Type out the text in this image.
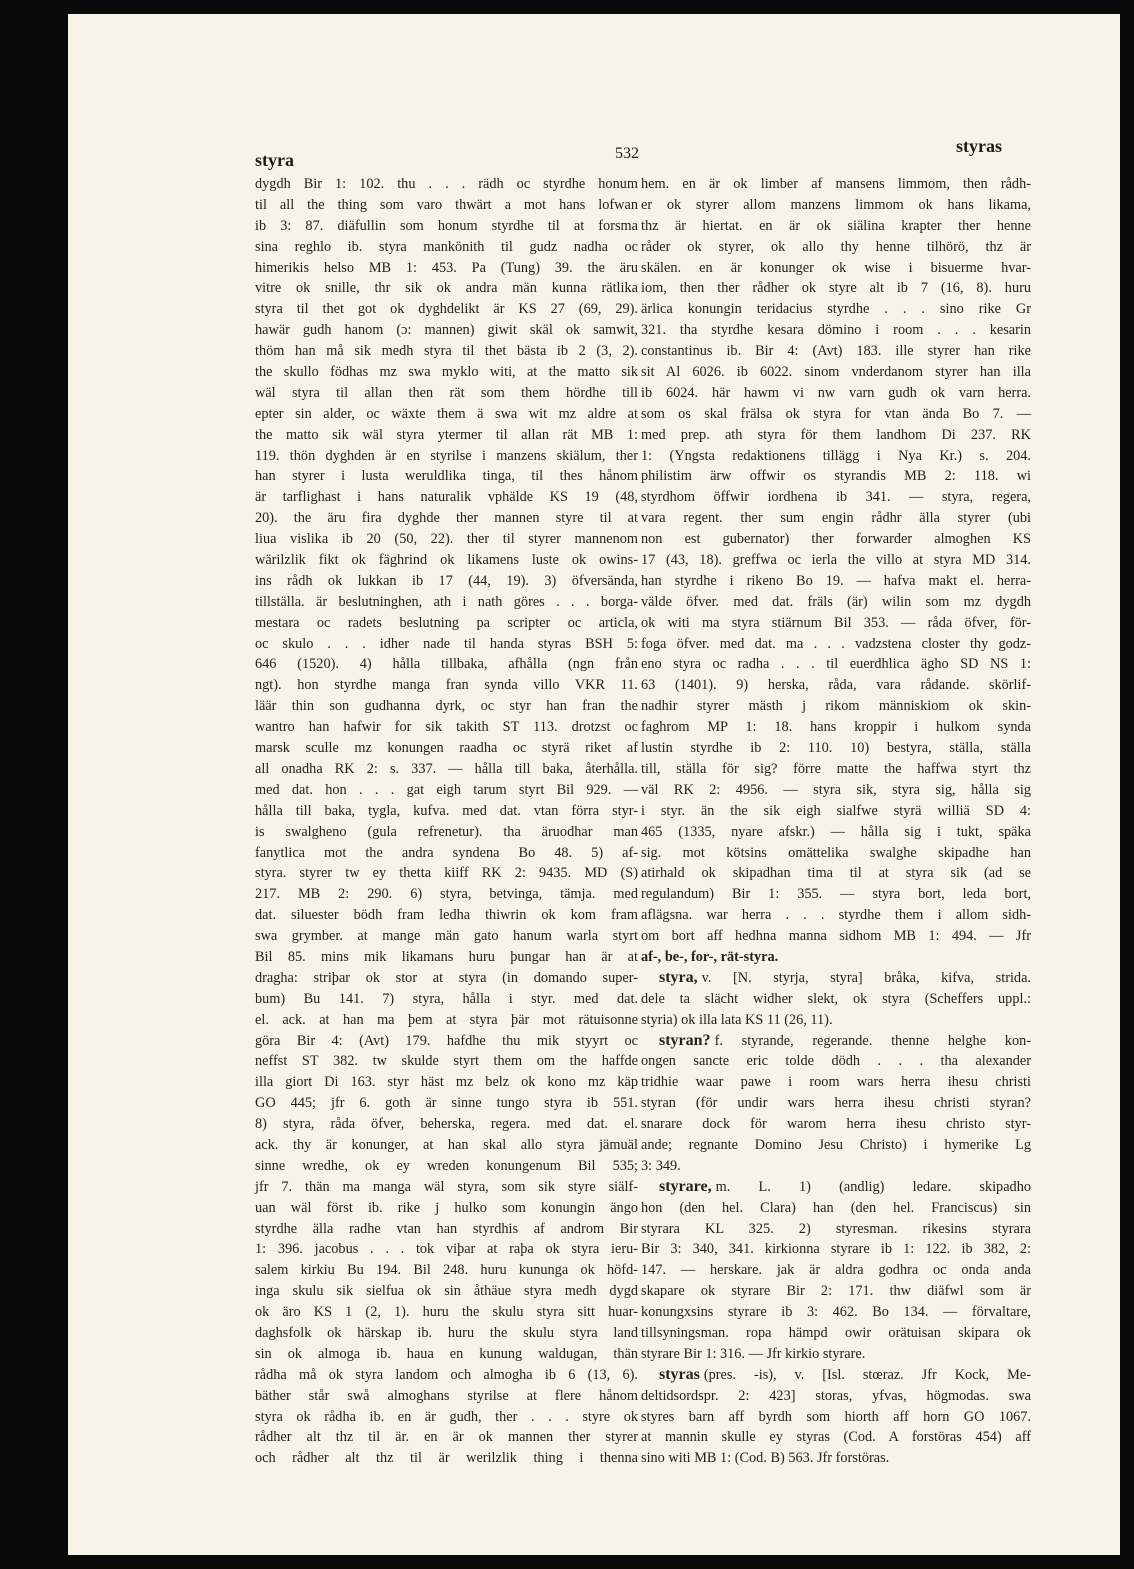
styra	532	styras
dygdh Bir 1: 102. thu . . . rädh oc styrdhe honum
til all the thing som varo thwärt a mot hans lofwan
ib 3: 87. diäfullin som honum styrdhe til at forsma
sina reghlo ib. styra mankönith til gudz nadha oc
himerikis helso MB 1: 453. Pa (Tung) 39. the äru
vitre ok snille, thr sik ok andra män kunna rätlika
styra til thet got ok dyghdelikt är KS 27 (69, 29).
hawär gudh hanom (ɔ: mannen) giwit skäl ok samwit,
thöm han må sik medh styra til thet bästa ib 2 (3, 2).
the skullo födhas mz swa myklo witi, at the matto sik
wäl styra til allan then rät som them hördhe till
epter sin alder, oc wäxte them ä swa wit mz aldre at
the matto sik wäl styra ytermer til allan rät MB 1:
119. thön dyghden är en styrilse i manzens skiälum, ther
han styrer i lusta weruldlika tinga, til thes hånom
är tarflighast i hans naturalik vphälde KS 19 (48,
20). the äru fira dyghde ther mannen styre til at
liua vislika ib 20 (50, 22). ther til styrer mannenom
wärilzlik fikt ok fäghrind ok likamens luste ok owins-
ins rådh ok lukkan ib 17 (44, 19). 3) öfversända,
tillställa. är beslutninghen, ath i nath göres . . . borga-
mestara oc radets beslutning pa scripter oc articla,
oc skulo . . . idher nade til handa styras BSH 5:
646 (1520). 4) hålla tillbaka, afhålla (ngn från
ngt). hon styrdhe manga fran synda villo VKR 11.
läär thin son gudhanna dyrk, oc styr han fran the
wantro han hafwir for sik takith ST 113. drotzst oc
marsk sculle mz konungen raadha oc styrä riket af
all onadha RK 2: s. 337. — hålla till baka, återhålla.
med dat. hon . . . gat eigh tarum styrt Bil 929. —
hålla till baka, tygla, kufva. med dat. vtan förra styr-
is swalgheno (gula refrenetur). tha äruodhar man
fanytlica mot the andra syndena Bo 48. 5) af-
styra. styrer tw ey thetta kiiff RK 2: 9435. MD (S)
217. MB 2: 290. 6) styra, betvinga, tämja. med
dat. siluester bödh fram ledha thiwrin ok kom fram
swa grymber. at mange män gato hanum warla styrt
Bil 85. mins mik likamans huru þungar han är at
dragha: striþar ok stor at styra (in domando super-
bum) Bu 141. 7) styra, hålla i styr. med dat.
el. ack. at han ma þem at styra þär mot rätuisonne
göra Bir 4: (Avt) 179. hafdhe thu mik styyrt oc
neffst ST 382. tw skulde styrt them om the haffde
illa giort Di 163. styr häst mz belz ok kono mz käp
GO 445; jfr 6. goth är sinne tungo styra ib 551.
8) styra, råda öfver, beherska, regera. med dat. el.
ack. thy är konunger, at han skal allo styra jämuäl
sinne wredhe, ok ey wreden konungenum Bil 535;
jfr 7. thän ma manga wäl styra, som sik styre siälf-
uan wäl först ib. rike j hulko som konungin ängo
styrdhe älla radhe vtan han styrdhis af androm Bir
1: 396. jacobus . . . tok viþar at raþa ok styra ieru-
salem kirkiu Bu 194. Bil 248. huru kununga ok höfd-
inga skulu sik sielfua ok sin åthäue styra medh dygd
ok äro KS 1 (2, 1). huru the skulu styra sitt huar-
daghsfolk ok härskap ib. huru the skulu styra land
sin ok almoga ib. haua en kunung waldugan, thän
rådha må ok styra landom och almogha ib 6 (13, 6).
bäther står swå almoghans styrilse at flere hånom
styra ok rådha ib. en är gudh, ther . . . styre ok
rådher alt thz til är. en är ok mannen ther styrer
och rådher alt thz til är werilzlik thing i thenna
hem. en är ok limber af mansens limmom, then rådh-
er ok styrer allom manzens limmom ok hans likama,
thz är hiertat. en är ok siälina krapter ther henne
råder ok styrer, ok allo thy henne tilhörö, thz är
skälen. en är konunger ok wise i bisuerme hvar-
iom, then ther rådher ok styre alt ib 7 (16, 8). huru
ärlica konungin teridacius styrdhe . . . sino rike Gr
321. tha styrdhe kesara dömino i room . . . kesarin
constantinus ib. Bir 4: (Avt) 183. ille styrer han rike
sit Al 6026. ib 6022. sinom vnderdanom styrer han illa
ib 6024. här hawm vi nw varn gudh ok varn herra.
som os skal frälsa ok styra for vtan ända Bo 7. —
med prep. ath styra för them landhom Di 237. RK
1: (Yngsta redaktionens tillägg i Nya Kr.) s. 204.
philistim ärw offwir os styrandis MB 2: 118. wi
styrdhom öffwir iordhena ib 341. — styra, regera,
vara regent. ther sum engin rådhr älla styrer (ubi
non est gubernator) ther forwarder almoghen KS
17 (43, 18). greffwa oc ierla the villo at styra MD 314.
han styrdhe i rikeno Bo 19. — hafva makt el. herra-
välde öfver. med dat. fräls (är) wilin som mz dygdh
ok witi ma styra stiärnum Bil 353. — råda öfver, för-
foga öfver. med dat. ma . . . vadzstena closter thy godz-
eno styra oc radha . . . til euerdhlica ägho SD NS 1:
63 (1401). 9) herska, råda, vara rådande. skörlif-
nadhir styrer mästh j rikom människiom ok skin-
faghrom MP 1: 18. hans kroppir i hulkom synda
lustin styrdhe ib 2: 110. 10) bestyra, ställa, ställa
till, ställa för sig? förre matte the haffwa styrt thz
väl RK 2: 4956. — styra sik, styra sig, hålla sig
i styr. än the sik eigh sialfwe styrä williä SD 4:
465 (1335, nyare afskr.) — hålla sig i tukt, späka
sig. mot kötsins omättelika swalghe skipadhe han
atirhald ok skipadhan tima til at styra sik (ad se
regulandum) Bir 1: 355. — styra bort, leda bort,
aflägsna. war herra . . . styrdhe them i allom sidh-
om bort aff hedhna manna sidhom MB 1: 494. — Jfr
af-, be-, for-, rät-styra.
styra, v. [N. styrja, styra] bråka, kifva, strida.
dele ta slächt widher slekt, ok styra (Scheffers uppl.:
styria) ok illa lata KS 11 (26, 11).
styran? f. styrande, regerande. thenne helghe kon-
ongen sancte eric tolde dödh . . . tha alexander
tridhie waar pawe i room wars herra ihesu christi
styran (för undir wars herra ihesu christi styran?
snarare dock för warom herra ihesu christo styr-
ande; regnante Domino Jesu Christo) i hymerike Lg
3: 349.
styrare, m. L. 1) (andlig) ledare. skipadho
hon (den hel. Clara) han (den hel. Franciscus) sin
styrara KL 325. 2) styresman. rikesins styrara
Bir 3: 340, 341. kirkionna styrare ib 1: 122. ib 382, 2:
147. — herskare. jak är aldra godhra oc onda anda
skapare ok styrare Bir 2: 171. thw diäfwl som är
konungxsins styrare ib 3: 462. Bo 134. — förvaltare,
tillsyningsman. ropa hämpd owir orätuisan skipara ok
styrare Bir 1: 316. — Jfr kirkio styrare.
styras (pres. -is), v. [Isl. stœraz. Jfr Kock, Me-
deltidsordspr. 2: 423] storas, yfvas, högmodas. swa
styres barn aff byrdh som hiorth aff horn GO 1067.
at mannin skulle ey styras (Cod. A forstöras 454) aff
sino witi MB 1: (Cod. B) 563. Jfr forstöras.
